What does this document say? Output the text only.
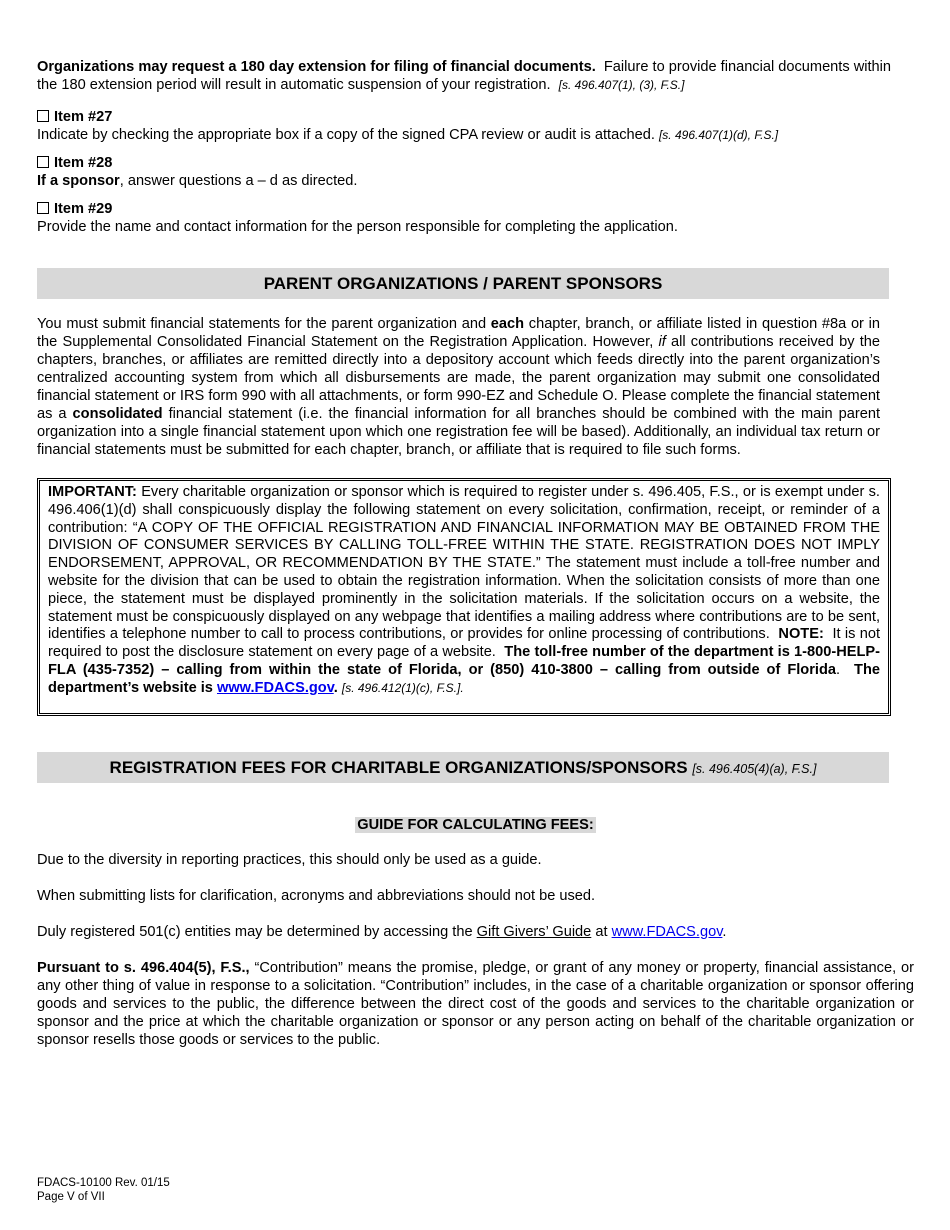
Organizations may request a 180 day extension for filing of financial documents. Failure to provide financial documents within the 180 extension period will result in automatic suspension of your registration. [s. 496.407(1), (3), F.S.]

Item #27

Indicate by checking the appropriate box if a copy of the signed CPA review or audit is attached. [s. 496.407(1)(d), F.S.]

Item #28

If a sponsor, answer questions a – d as directed.

Item #29

Provide the name and contact information for the person responsible for completing the application.

PARENT ORGANIZATIONS / PARENT SPONSORS

You must submit financial statements for the parent organization and each chapter, branch, or affiliate listed in question #8a or in the Supplemental Consolidated Financial Statement on the Registration Application. However, if all contributions received by the chapters, branches, or affiliates are remitted directly into a depository account which feeds directly into the parent organization’s centralized accounting system from which all disbursements are made, the parent organization may submit one consolidated financial statement or IRS form 990 with all attachments, or form 990-EZ and Schedule O. Please complete the financial statement as a consolidated financial statement (i.e. the financial information for all branches should be combined with the main parent organization into a single financial statement upon which one registration fee will be based). Additionally, an individual tax return or financial statements must be submitted for each chapter, branch, or affiliate that is required to file such forms.

IMPORTANT: Every charitable organization or sponsor which is required to register under s. 496.405, F.S., or is exempt under s. 496.406(1)(d) shall conspicuously display the following statement on every solicitation, confirmation, receipt, or reminder of a contribution: “A COPY OF THE OFFICIAL REGISTRATION AND FINANCIAL INFORMATION MAY BE OBTAINED FROM THE DIVISION OF CONSUMER SERVICES BY CALLING TOLL-FREE WITHIN THE STATE. REGISTRATION DOES NOT IMPLY ENDORSEMENT, APPROVAL, OR RECOMMENDATION BY THE STATE.” The statement must include a toll-free number and website for the division that can be used to obtain the registration information. When the solicitation consists of more than one piece, the statement must be displayed prominently in the solicitation materials. If the solicitation occurs on a website, the statement must be conspicuously displayed on any webpage that identifies a mailing address where contributions are to be sent, identifies a telephone number to call to process contributions, or provides for online processing of contributions. NOTE: It is not required to post the disclosure statement on every page of a website. The toll-free number of the department is 1-800-HELP-FLA (435-7352) – calling from within the state of Florida, or (850) 410-3800 – calling from outside of Florida.  The department’s website is www.FDACS.gov. [s. 496.412(1)(c), F.S.].
REGISTRATION FEES FOR CHARITABLE ORGANIZATIONS/SPONSORS [s. 496.405(4)(a), F.S.]
GUIDE FOR CALCULATING FEES:

Due to the diversity in reporting practices, this should only be used as a guide.

When submitting lists for clarification, acronyms and abbreviations should not be used.

Duly registered 501(c) entities may be determined by accessing the Gift Givers’ Guide at www.FDACS.gov.

Pursuant to s. 496.404(5), F.S., “Contribution” means the promise, pledge, or grant of any money or property, financial assistance, or any other thing of value in response to a solicitation. “Contribution” includes, in the case of a charitable organization or sponsor offering goods and services to the public, the difference between the direct cost of the goods and services to the charitable organization or sponsor and the price at which the charitable organization or sponsor or any person acting on behalf of the charitable organization or sponsor resells those goods or services to the public.

FDACS-10100 Rev. 01/15
Page V of VII
